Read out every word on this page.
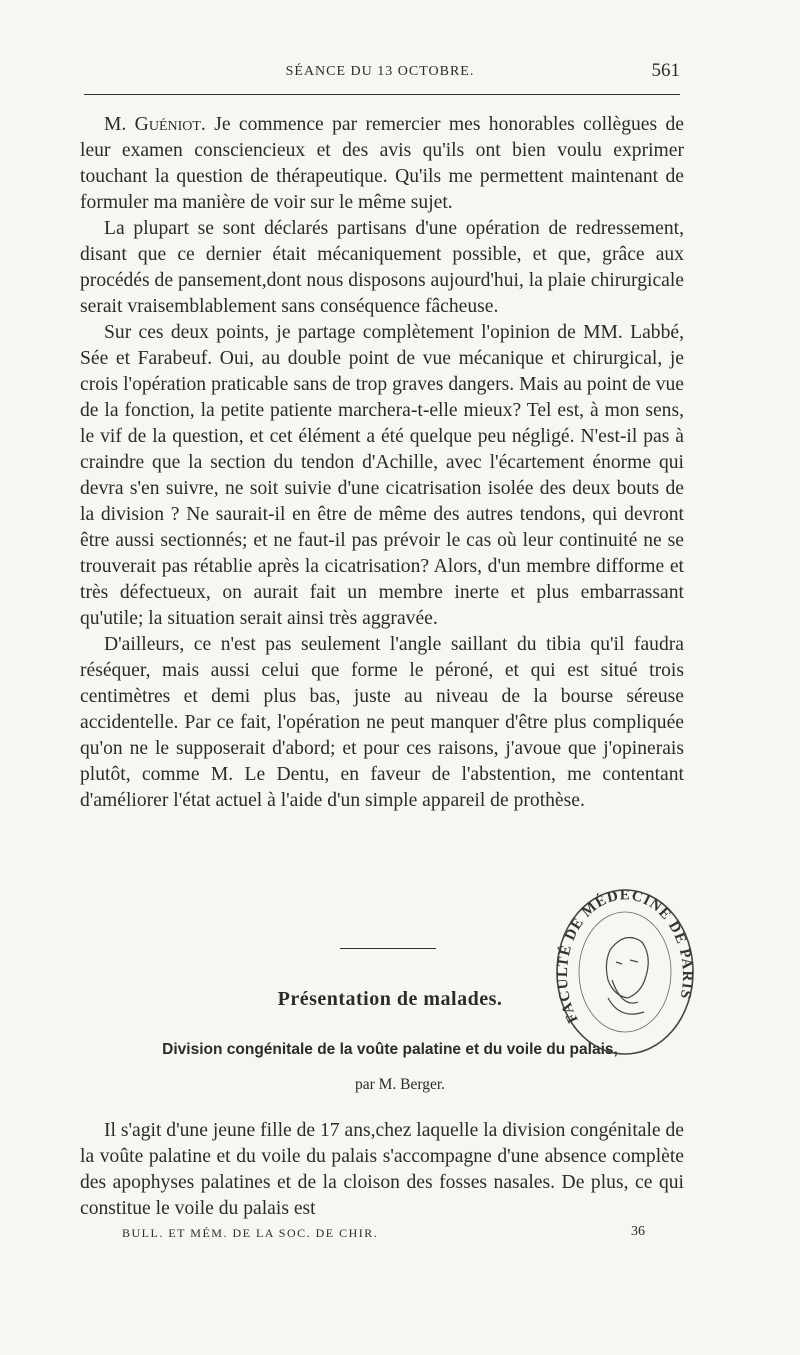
SÉANCE DU 13 OCTOBRE.	561

M. Guéniot. Je commence par remercier mes honorables collègues de leur examen consciencieux et des avis qu'ils ont bien voulu exprimer touchant la question de thérapeutique. Qu'ils me permettent maintenant de formuler ma manière de voir sur le même sujet.

La plupart se sont déclarés partisans d'une opération de redressement, disant que ce dernier était mécaniquement possible, et que, grâce aux procédés de pansement,dont nous disposons aujourd'hui, la plaie chirurgicale serait vraisemblablement sans conséquence fâcheuse.

Sur ces deux points, je partage complètement l'opinion de MM. Labbé, Sée et Farabeuf. Oui, au double point de vue mécanique et chirurgical, je crois l'opération praticable sans de trop graves dangers. Mais au point de vue de la fonction, la petite patiente marchera-t-elle mieux? Tel est, à mon sens, le vif de la question, et cet élément a été quelque peu négligé. N'est-il pas à craindre que la section du tendon d'Achille, avec l'écartement énorme qui devra s'en suivre, ne soit suivie d'une cicatrisation isolée des deux bouts de la division ? Ne saurait-il en être de même des autres tendons, qui devront être aussi sectionnés; et ne faut-il pas prévoir le cas où leur continuité ne se trouverait pas rétablie après la cicatrisation? Alors, d'un membre difforme et très défectueux, on aurait fait un membre inerte et plus embarrassant qu'utile; la situation serait ainsi très aggravée.

D'ailleurs, ce n'est pas seulement l'angle saillant du tibia qu'il faudra réséquer, mais aussi celui que forme le péroné, et qui est situé trois centimètres et demi plus bas, juste au niveau de la bourse séreuse accidentelle. Par ce fait, l'opération ne peut manquer d'être plus compliquée qu'on ne le supposerait d'abord; et pour ces raisons, j'avoue que j'opinerais plutôt, comme M. Le Dentu, en faveur de l'abstention, me contentant d'améliorer l'état actuel à l'aide d'un simple appareil de prothèse.

Présentation de malades.
Division congénitale de la voûte palatine et du voile du palais,
par M. Berger.

Il s'agit d'une jeune fille de 17 ans,chez laquelle la division congénitale de la voûte palatine et du voile du palais s'accompagne d'une absence complète des apophyses palatines et de la cloison des fosses nasales. De plus, ce qui constitue le voile du palais est

BULL. ET MÉM. DE LA SOC. DE CHIR.	36
FACULTÉ DE MÉDECINE DE PARIS
